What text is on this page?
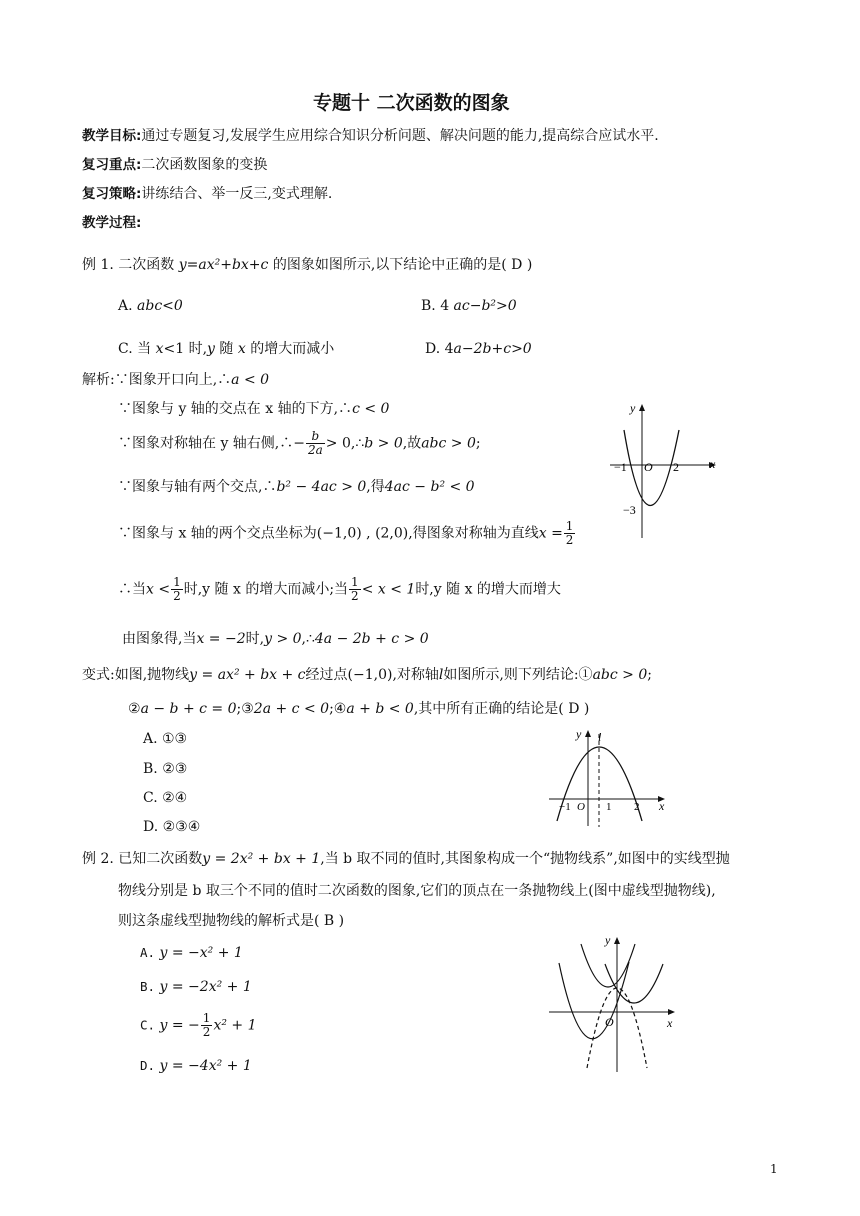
专题十 二次函数的图象
教学目标:通过专题复习,发展学生应用综合知识分析问题、解决问题的能力,提高综合应试水平.
复习重点:二次函数图象的变换
复习策略:讲练结合、举一反三,变式理解.
教学过程:
例 1. 二次函数 y=ax²+bx+c 的图象如图所示,以下结论中正确的是( D )
A. abc<0	B. 4 ac−b²>0
C. 当 x<1 时,y 随 x 的增大而减小	D. 4a−2b+c>0
解析:∵图象开口向上,∴a < 0
∵图象与 y 轴的交点在 x 轴的下方,∴c < 0
∵图象对称轴在 y 轴右侧,∴− $\frac{b}{2a}$ > 0,∴b > 0,故abc > 0;
∵图象与轴有两个交点,∴b² − 4ac > 0,得4ac − b² < 0
∵图象与 x 轴的两个交点坐标为(−1,0) , (2,0),得图象对称轴为直线$x = \frac{1}{2}$
∴当$x < \frac{1}{2}$ 时,y 随 x 的增大而减小;当 $\frac{1}{2} < x < 1$时,y 随 x 的增大而增大
由图象得,当x = −2时,y > 0,∴4a − 2b + c > 0
y
x
−1 O 2
−3
变式:如图,抛物线y = ax² + bx + c经过点(−1,0),对称轴l如图所示,则下列结论:①abc > 0;
②a − b + c = 0;③2a + c < 0;④a + b < 0,其中所有正确的结论是( D )
A. ①③
B. ②③
C. ②④
D. ②③④
y l
x
−1 O 1 2
例 2. 已知二次函数y = 2x² + bx + 1,当 b 取不同的值时,其图象构成一个“抛物线系”,如图中的实线型抛
物线分别是 b 取三个不同的值时二次函数的图象,它们的顶点在一条抛物线上(图中虚线型抛物线),
则这条虚线型抛物线的解析式是( B )
A. y = −x² + 1
B. y = −2x² + 1
C. y = − $\frac{1}{2} x^2 + 1$
D. y = −4x² + 1
y
x
O
1
